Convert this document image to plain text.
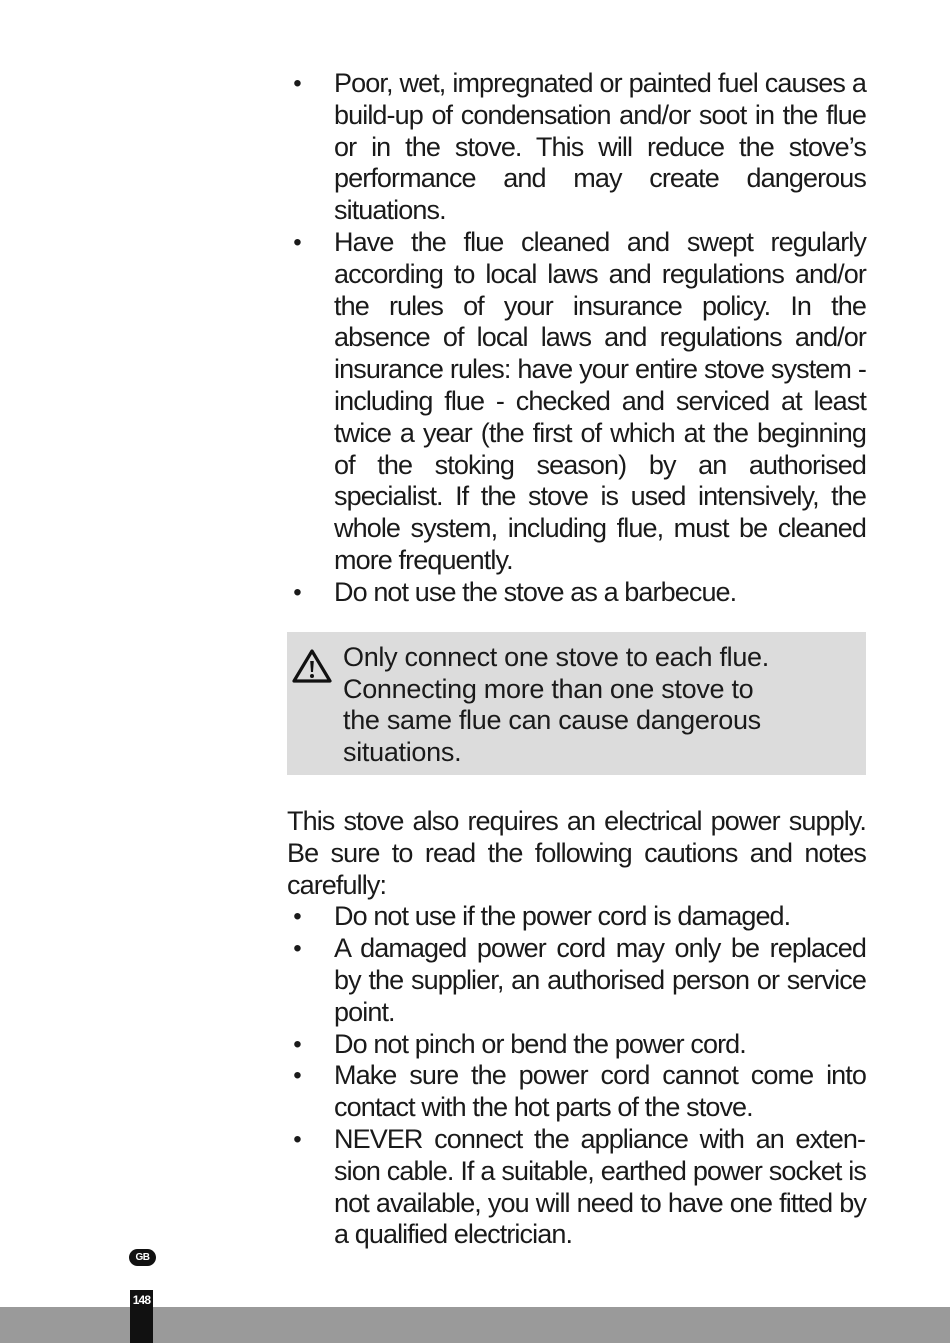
• Poor, wet, impregnated or painted fuel causes a build-up of condensation and/or soot in the flue or in the stove. This will reduce the stove’s performance and may create dangerous situations.
• Have the flue cleaned and swept regularly according to local laws and regulations and/​or the rules of your insurance policy. In the absence of local laws and regulations and/​or insurance rules: have your entire stove system - including flue - checked and serviced at least twice a year (the first of which at the beginning of the stoking season) by an authorised specialist. If the stove is used intensively, the whole system, including flue, must be cleaned more frequently.
• Do not use the stove as a barbecue.
Only connect one stove to each flue.
Connecting more than one stove to
the same flue can cause dangerous
situations.

This stove also requires an electrical power supply. Be sure to read the following cautions and notes carefully:

• Do not use if the power cord is damaged.
• A damaged power cord may only be replaced by the supplier, an authorised person or service point.
• Do not pinch or bend the power cord.
• Make sure the power cord cannot come into contact with the hot parts of the stove.
• NEVER connect the appliance with an extension cable. If a suitable, earthed power socket is not available, you will need to have one fitted by a qualified electrician.
GB
148
